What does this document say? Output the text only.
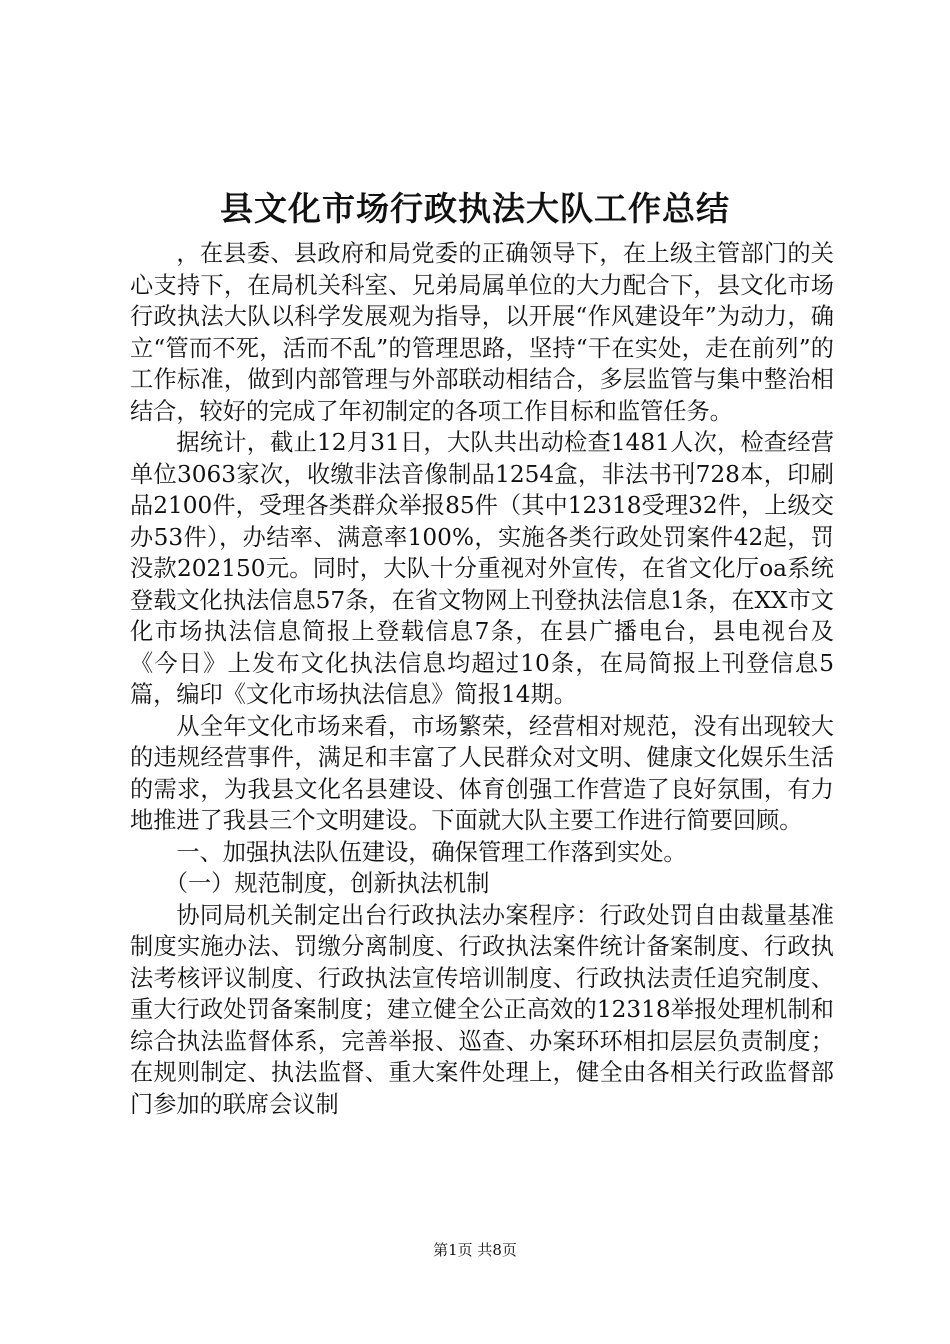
县文化市场行政执法大队工作总结

，在县委、县政府和局党委的正确领导下，在上级主管部门的关心支持下，在局机关科室、兄弟局属单位的大力配合下，县文化市场行政执法大队以科学发展观为指导，以开展“作风建设年”为动力，确立“管而不死，活而不乱”的管理思路，坚持“干在实处，走在前列”的工作标准，做到内部管理与外部联动相结合，多层监管与集中整治相结合，较好的完成了年初制定的各项工作目标和监管任务。

据统计，截止12月31日，大队共出动检查1481人次，检查经营单位3063家次，收缴非法音像制品1254盒，非法书刊728本，印刷品2100件，受理各类群众举报85件（其中12318受理32件，上级交办53件），办结率、满意率100%，实施各类行政处罚案件42起，罚没款202150元。同时，大队十分重视对外宣传，在省文化厅oa系统登载文化执法信息57条，在省文物网上刊登执法信息1条，在XX市文化市场执法信息简报上登载信息7条，在县广播电台，县电视台及《今日》上发布文化执法信息均超过10条，在局简报上刊登信息5篇，编印《文化市场执法信息》简报14期。

从全年文化市场来看，市场繁荣，经营相对规范，没有出现较大的违规经营事件，满足和丰富了人民群众对文明、健康文化娱乐生活的需求，为我县文化名县建设、体育创强工作营造了良好氛围，有力地推进了我县三个文明建设。下面就大队主要工作进行简要回顾。

一、加强执法队伍建设，确保管理工作落到实处。

（一）规范制度，创新执法机制

协同局机关制定出台行政执法办案程序：行政处罚自由裁量基准制度实施办法、罚缴分离制度、行政执法案件统计备案制度、行政执法考核评议制度、行政执法宣传培训制度、行政执法责任追究制度、重大行政处罚备案制度；建立健全公正高效的12318举报处理机制和综合执法监督体系，完善举报、巡查、办案环环相扣层层负责制度；在规则制定、执法监督、重大案件处理上，健全由各相关行政监督部门参加的联席会议制

第1页 共8页
